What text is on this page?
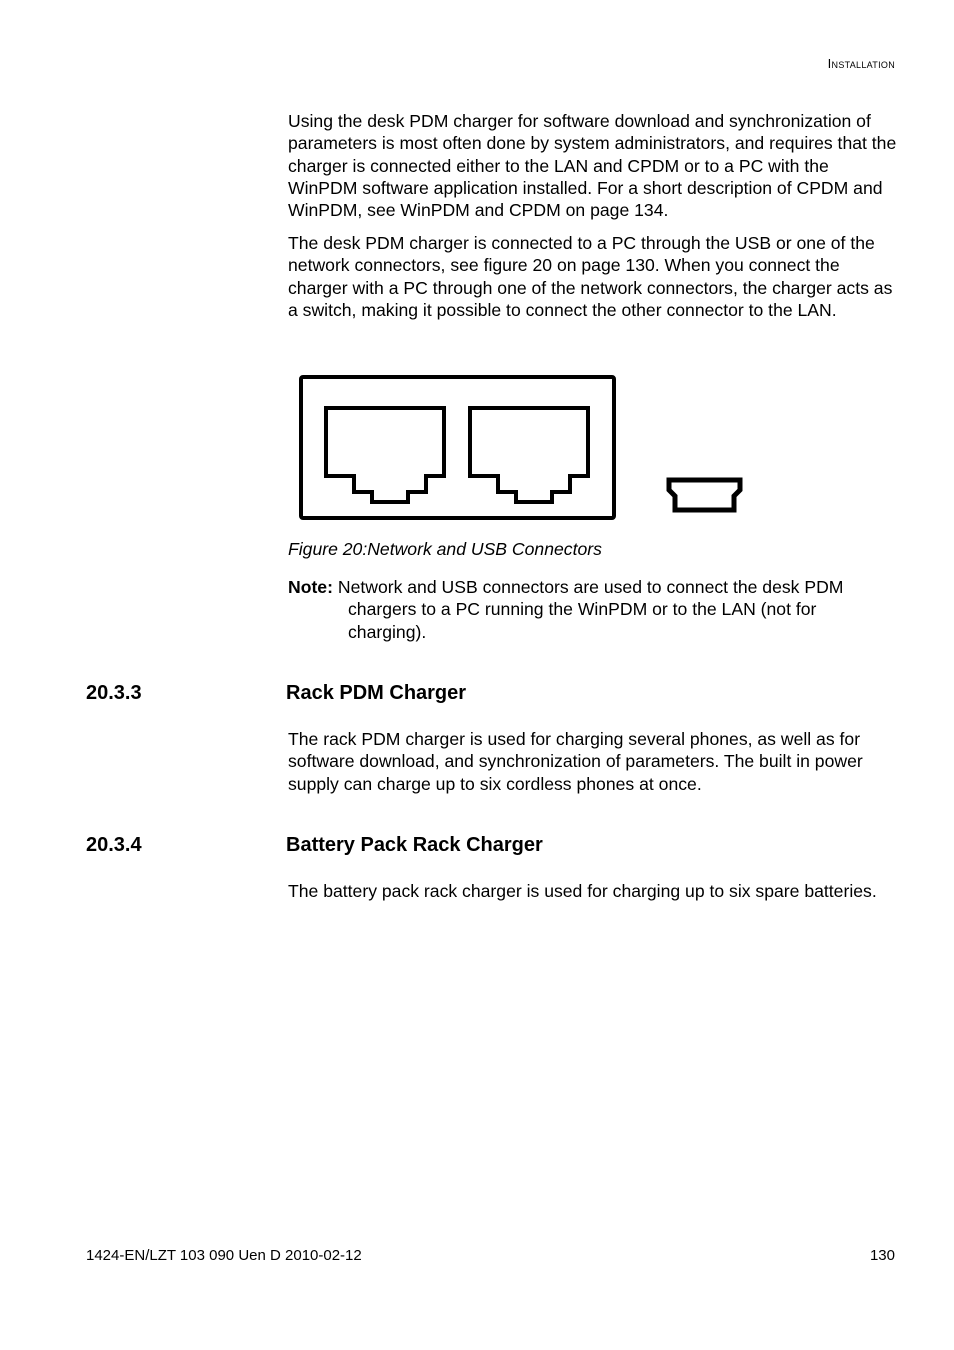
Installation

Using the desk PDM charger for software download and synchronization of parameters is most often done by system administrators, and requires that the charger is connected either to the LAN and CPDM or to a PC with the WinPDM software application installed. For a short description of CPDM and WinPDM, see WinPDM and CPDM on page 134.

The desk PDM charger is connected to a PC through the USB or one of the network connectors, see figure 20 on page 130. When you connect the charger with a PC through one of the network connectors, the charger acts as a switch, making it possible to connect the other connector to the LAN.

Figure 20:Network and USB Connectors
Note: Network and USB connectors are used to connect the desk PDM
chargers to a PC running the WinPDM or to the LAN (not for charging).
20.3.3	Rack PDM Charger

The rack PDM charger is used for charging several phones, as well as for software download, and synchronization of parameters. The built in power supply can charge up to six cordless phones at once.

20.3.4	Battery Pack Rack Charger

The battery pack rack charger is used for charging up to six spare batteries.

1424-EN/LZT 103 090 Uen D 2010-02-12	130
